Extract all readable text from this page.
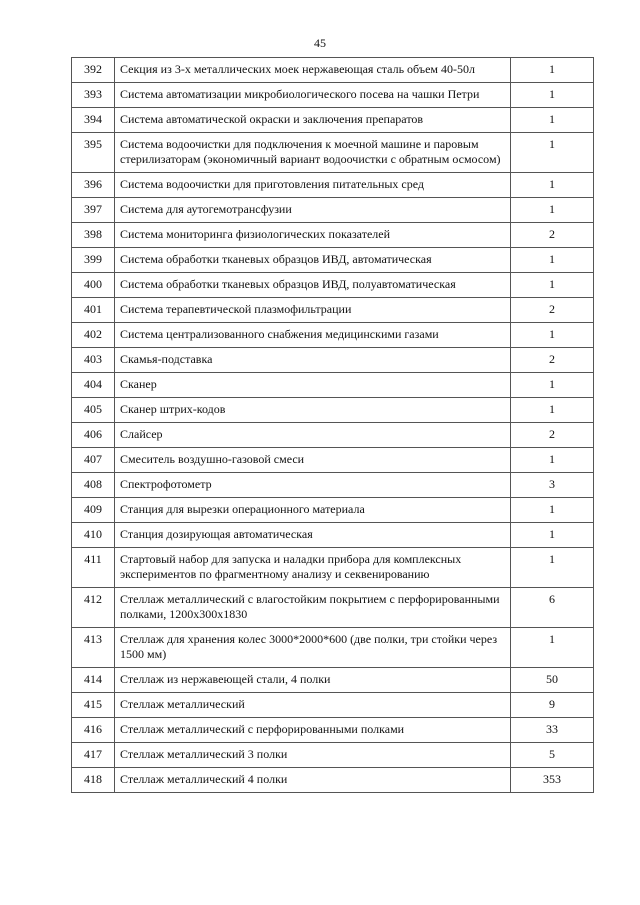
45
392	Секция из 3-х металлических моек нержавеющая сталь объем 40-50л	1
393	Система автоматизации микробиологического посева на чашки Петри	1
394	Система автоматической окраски и заключения препаратов	1
395	Система водоочистки для подключения к моечной машине и паровым стерилизаторам (экономичный вариант водоочистки с обратным осмосом)	1
396	Система водоочистки для приготовления питательных сред	1
397	Система для аутогемотрансфузии	1
398	Система мониторинга физиологических показателей	2
399	Система обработки тканевых образцов ИВД, автоматическая	1
400	Система обработки тканевых образцов ИВД, полуавтоматическая	1
401	Система терапевтической плазмофильтрации	2
402	Система централизованного снабжения медицинскими газами	1
403	Скамья-подставка	2
404	Сканер	1
405	Сканер штрих-кодов	1
406	Слайсер	2
407	Смеситель воздушно-газовой смеси	1
408	Спектрофотометр	3
409	Станция для вырезки операционного материала	1
410	Станция дозирующая автоматическая	1
411	Стартовый набор для запуска и наладки прибора для комплексных экспериментов по фрагментному анализу и секвенированию	1
412	Стеллаж металлический с влагостойким покрытием с перфорированными полками, 1200х300х1830	6
413	Стеллаж для хранения колес 3000*2000*600 (две полки, три стойки через 1500 мм)	1
414	Стеллаж из нержавеющей стали, 4 полки	50
415	Стеллаж металлический	9
416	Стеллаж металлический с перфорированными полками	33
417	Стеллаж металлический 3 полки	5
418	Стеллаж металлический 4 полки	353
